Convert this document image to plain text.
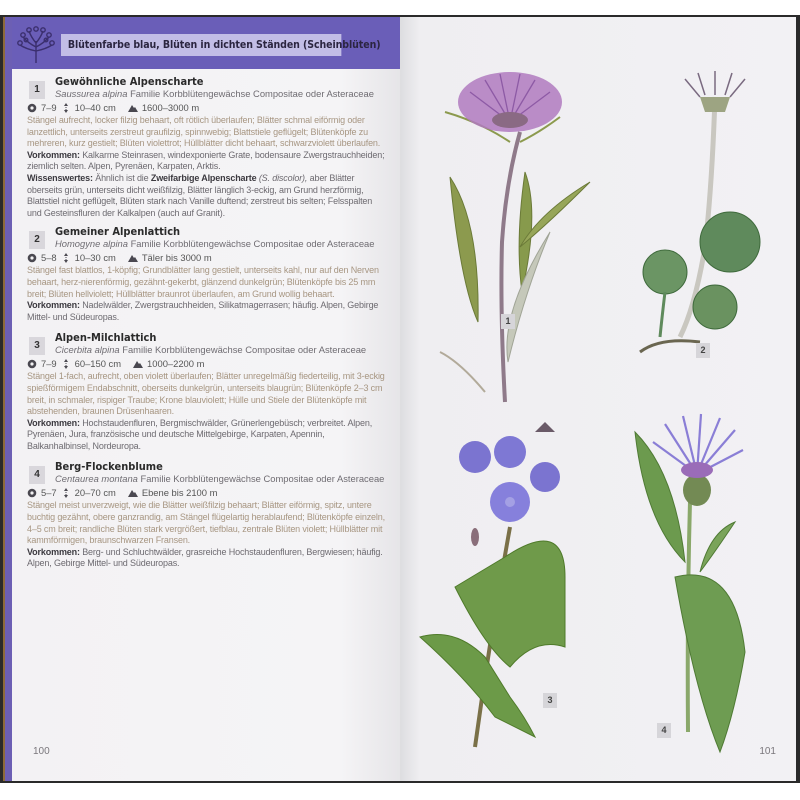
Blütenfarbe blau, Blüten in dichten Ständen (Scheinblüten)
1
Gewöhnliche Alpenscharte
Saussurea alpina Familie Korbblütengewächse Compositae oder Asteraceae
7–9 10–40 cm	1600–3000 m
Stängel aufrecht, locker filzig behaart, oft rötlich überlaufen; Blätter schmal eiförmig oder lanzettlich, unterseits zerstreut graufilzig, spinnwebig; Blattstiele geflügelt; Blütenköpfe zu mehreren, kurz gestielt; Blüten violettrot; Hüllblätter dicht behaart, schwarzviolett überlaufen.
Vorkommen: Kalkarme Steinrasen, windexponierte Grate, bodensaure Zwergstrauchheiden; ziemlich selten. Alpen, Pyrenäen, Karpaten, Arktis.
Wissenswertes: Ähnlich ist die Zweifarbige Alpenscharte (S. discolor), aber Blätter oberseits grün, unterseits dicht weißfilzig, Blätter länglich 3-eckig, am Grund herzförmig, Blattstiel nicht geflügelt, Blüten stark nach Vanille duftend; zerstreut bis selten; Felsspalten und Gesteinsfluren der Kalkalpen (auch auf Granit).
2
Gemeiner Alpenlattich
Homogyne alpina Familie Korbblütengewächse Compositae oder Asteraceae
5–8 10–30 cm	Täler bis 3000 m
Stängel fast blattlos, 1-köpfig; Grundblätter lang gestielt, unterseits kahl, nur auf den Nerven behaart, herz-nierenförmig, gezähnt-gekerbt, glänzend dunkelgrün; Blütenköpfe bis 25 mm breit; Blüten hellviolett; Hüllblätter braunrot überlaufen, am Grund wollig behaart.
Vorkommen: Nadelwälder, Zwergstrauchheiden, Silikatmagerrasen; häufig. Alpen, Gebirge Mittel- und Südeuropas.
3
Alpen-Milchlattich
Cicerbita alpina Familie Korbblütengewächse Compositae oder Asteraceae
7–9 60–150 cm	1000–2200 m
Stängel 1-fach, aufrecht, oben violett überlaufen; Blätter unregelmäßig fiederteilig, mit 3-eckig spießförmigem Endabschnitt, oberseits dunkelgrün, unterseits blaugrün; Blütenköpfe 2–3 cm breit, in schmaler, rispiger Traube; Krone blauviolett; Hülle und Stiele der Blütenköpfe mit abstehenden, braunen Drüsenhaaren.
Vorkommen: Hochstaudenfluren, Bergmischwälder, Grünerlengebüsch; verbreitet. Alpen, Pyrenäen, Jura, französische und deutsche Mittelgebirge, Karpaten, Apennin, Balkanhalbinsel, Nordeuropa.
4
Berg-Flockenblume
Centaurea montana Familie Korbblütengewächse Compositae oder Asteraceae
5–7 20–70 cm	Ebene bis 2100 m
Stängel meist unverzweigt, wie die Blätter weißfilzig behaart; Blätter eiförmig, spitz, untere buchtig gezähnt, obere ganzrandig, am Stängel flügelartig herablaufend; Blütenköpfe einzeln, 4–5 cm breit; randliche Blüten stark vergrößert, tiefblau, zentrale Blüten violett; Hüllblätter mit kammförmigen, braunschwarzen Fransen.
Vorkommen: Berg- und Schluchtwälder, grasreiche Hochstaudenfluren, Bergwiesen; häufig. Alpen, Gebirge Mittel- und Südeuropas.
100
1
2
3
4
101
